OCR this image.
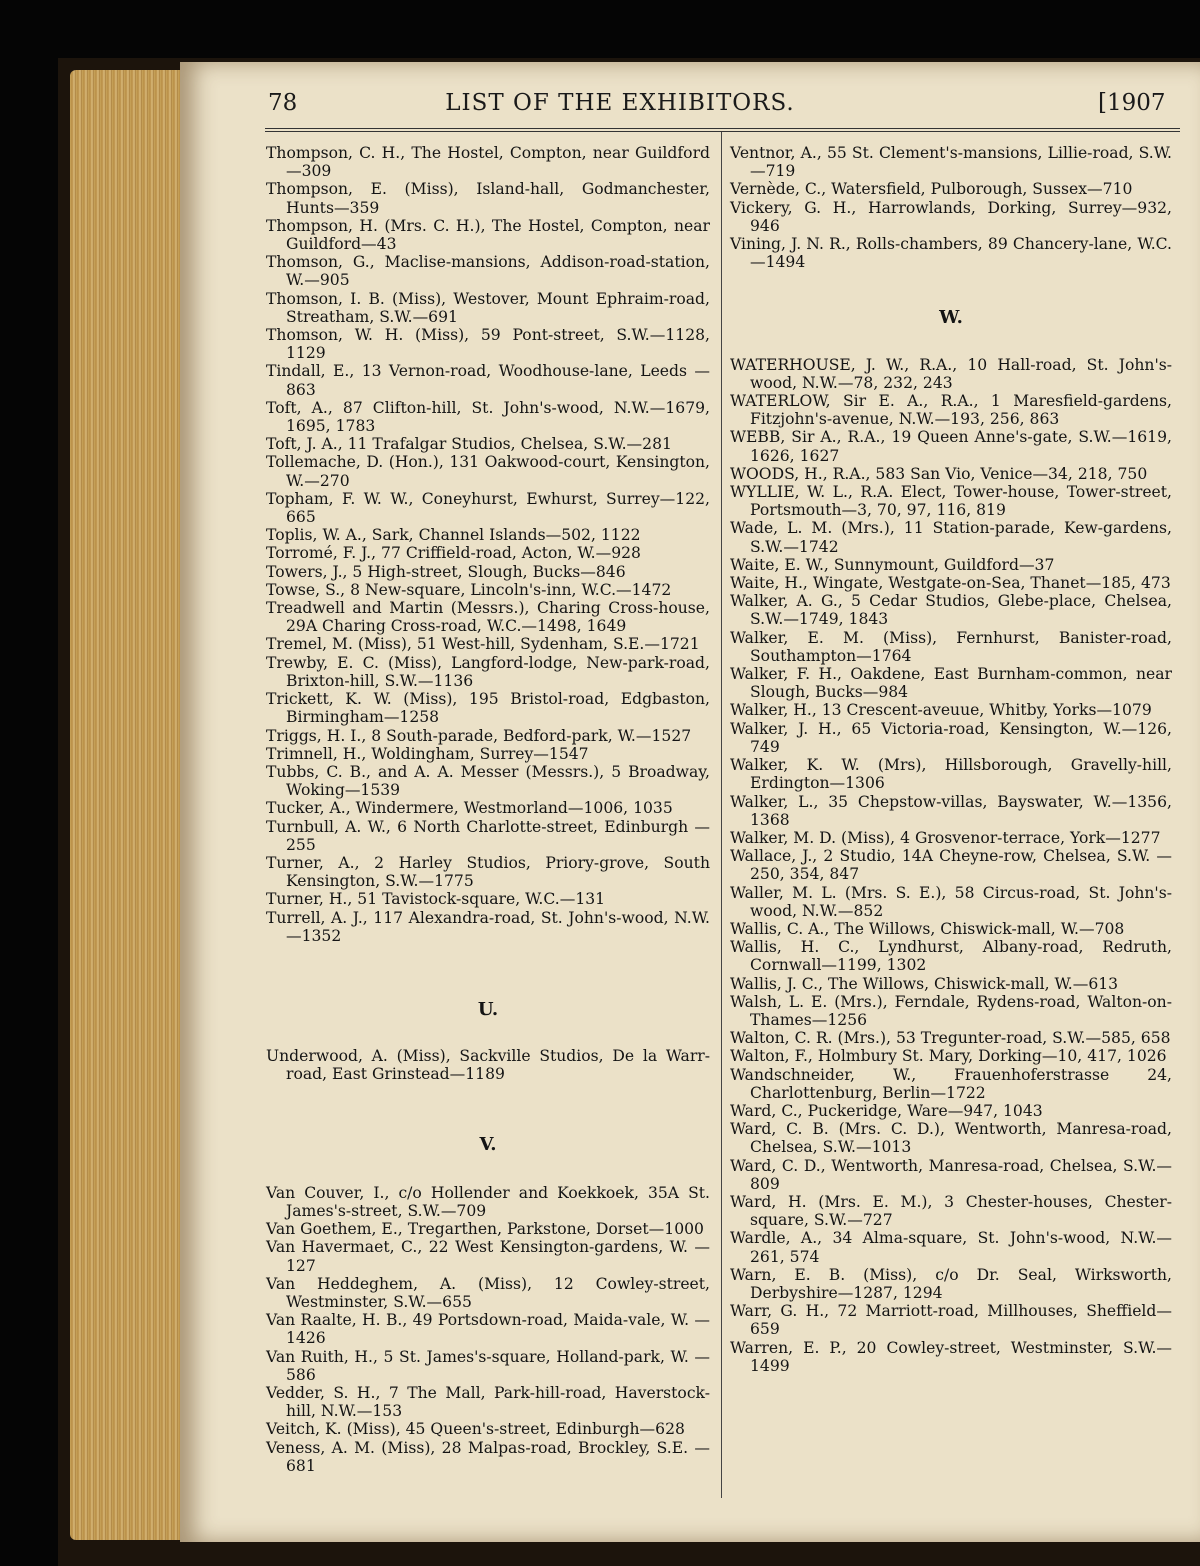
78	LIST OF THE EXHIBITORS.	[1907

Thompson, C. H., The Hostel, Compton, near Guildford —309

Thompson, E. (Miss), Island-hall, Godmanchester, Hunts—359

Thompson, H. (Mrs. C. H.), The Hostel, Compton, near Guildford—43

Thomson, G., Maclise-mansions, Addison-road-station, W.—905

Thomson, I. B. (Miss), Westover, Mount Ephraim-road, Streatham, S.W.—691

Thomson, W. H. (Miss), 59 Pont-street, S.W.—1128, 1129

Tindall, E., 13 Vernon-road, Woodhouse-lane, Leeds —863

Toft, A., 87 Clifton-hill, St. John's-wood, N.W.—1679, 1695, 1783

Toft, J. A., 11 Trafalgar Studios, Chelsea, S.W.—281

Tollemache, D. (Hon.), 131 Oakwood-court, Kensington, W.—270

Topham, F. W. W., Coneyhurst, Ewhurst, Surrey—122, 665

Toplis, W. A., Sark, Channel Islands—502, 1122

Torromé, F. J., 77 Criffield-road, Acton, W.—928

Towers, J., 5 High-street, Slough, Bucks—846

Towse, S., 8 New-square, Lincoln's-inn, W.C.—1472

Treadwell and Martin (Messrs.), Charing Cross-house, 29A Charing Cross-road, W.C.—1498, 1649

Tremel, M. (Miss), 51 West-hill, Sydenham, S.E.—1721

Trewby, E. C. (Miss), Langford-lodge, New-park-road, Brixton-hill, S.W.—1136

Trickett, K. W. (Miss), 195 Bristol-road, Edgbaston, Birmingham—1258

Triggs, H. I., 8 South-parade, Bedford-park, W.—1527

Trimnell, H., Woldingham, Surrey—1547

Tubbs, C. B., and A. A. Messer (Messrs.), 5 Broadway, Woking—1539

Tucker, A., Windermere, Westmorland—1006, 1035

Turnbull, A. W., 6 North Charlotte-street, Edinburgh —255

Turner, A., 2 Harley Studios, Priory-grove, South Kensington, S.W.—1775

Turner, H., 51 Tavistock-square, W.C.—131

Turrell, A. J., 117 Alexandra-road, St. John's-wood, N.W.—1352

U.

Underwood, A. (Miss), Sackville Studios, De la Warr-road, East Grinstead—1189

V.

Van Couver, I., c/o Hollender and Koekkoek, 35A St. James's-street, S.W.—709

Van Goethem, E., Tregarthen, Parkstone, Dorset—1000

Van Havermaet, C., 22 West Kensington-gardens, W. —127

Van Heddeghem, A. (Miss), 12 Cowley-street, Westminster, S.W.—655

Van Raalte, H. B., 49 Portsdown-road, Maida-vale, W. —1426

Van Ruith, H., 5 St. James's-square, Holland-park, W. —586

Vedder, S. H., 7 The Mall, Park-hill-road, Haverstock-hill, N.W.—153

Veitch, K. (Miss), 45 Queen's-street, Edinburgh—628

Veness, A. M. (Miss), 28 Malpas-road, Brockley, S.E. —681

Ventnor, A., 55 St. Clement's-mansions, Lillie-road, S.W.—719

Vernède, C., Watersfield, Pulborough, Sussex—710

Vickery, G. H., Harrowlands, Dorking, Surrey—932, 946

Vining, J. N. R., Rolls-chambers, 89 Chancery-lane, W.C.—1494

W.

WATERHOUSE, J. W., R.A., 10 Hall-road, St. John's-wood, N.W.—78, 232, 243

WATERLOW, Sir E. A., R.A., 1 Maresfield-gardens, Fitzjohn's-avenue, N.W.—193, 256, 863

WEBB, Sir A., R.A., 19 Queen Anne's-gate, S.W.—1619, 1626, 1627

WOODS, H., R.A., 583 San Vio, Venice—34, 218, 750

WYLLIE, W. L., R.A. Elect, Tower-house, Tower-street, Portsmouth—3, 70, 97, 116, 819

Wade, L. M. (Mrs.), 11 Station-parade, Kew-gardens, S.W.—1742

Waite, E. W., Sunnymount, Guildford—37

Waite, H., Wingate, Westgate-on-Sea, Thanet—185, 473

Walker, A. G., 5 Cedar Studios, Glebe-place, Chelsea, S.W.—1749, 1843

Walker, E. M. (Miss), Fernhurst, Banister-road, Southampton—1764

Walker, F. H., Oakdene, East Burnham-common, near Slough, Bucks—984

Walker, H., 13 Crescent-aveuue, Whitby, Yorks—1079

Walker, J. H., 65 Victoria-road, Kensington, W.—126, 749

Walker, K. W. (Mrs), Hillsborough, Gravelly-hill, Erdington—1306

Walker, L., 35 Chepstow-villas, Bayswater, W.—1356, 1368

Walker, M. D. (Miss), 4 Grosvenor-terrace, York—1277

Wallace, J., 2 Studio, 14A Cheyne-row, Chelsea, S.W. —250, 354, 847

Waller, M. L. (Mrs. S. E.), 58 Circus-road, St. John's-wood, N.W.—852

Wallis, C. A., The Willows, Chiswick-mall, W.—708

Wallis, H. C., Lyndhurst, Albany-road, Redruth, Cornwall—1199, 1302

Wallis, J. C., The Willows, Chiswick-mall, W.—613

Walsh, L. E. (Mrs.), Ferndale, Rydens-road, Walton-on-Thames—1256

Walton, C. R. (Mrs.), 53 Tregunter-road, S.W.—585, 658

Walton, F., Holmbury St. Mary, Dorking—10, 417, 1026

Wandschneider, W., Frauenhoferstrasse 24, Charlottenburg, Berlin—1722

Ward, C., Puckeridge, Ware—947, 1043

Ward, C. B. (Mrs. C. D.), Wentworth, Manresa-road, Chelsea, S.W.—1013

Ward, C. D., Wentworth, Manresa-road, Chelsea, S.W.—809

Ward, H. (Mrs. E. M.), 3 Chester-houses, Chester-square, S.W.—727

Wardle, A., 34 Alma-square, St. John's-wood, N.W.—261, 574

Warn, E. B. (Miss), c/o Dr. Seal, Wirksworth, Derbyshire—1287, 1294

Warr, G. H., 72 Marriott-road, Millhouses, Sheffield—659

Warren, E. P., 20 Cowley-street, Westminster, S.W.—1499
